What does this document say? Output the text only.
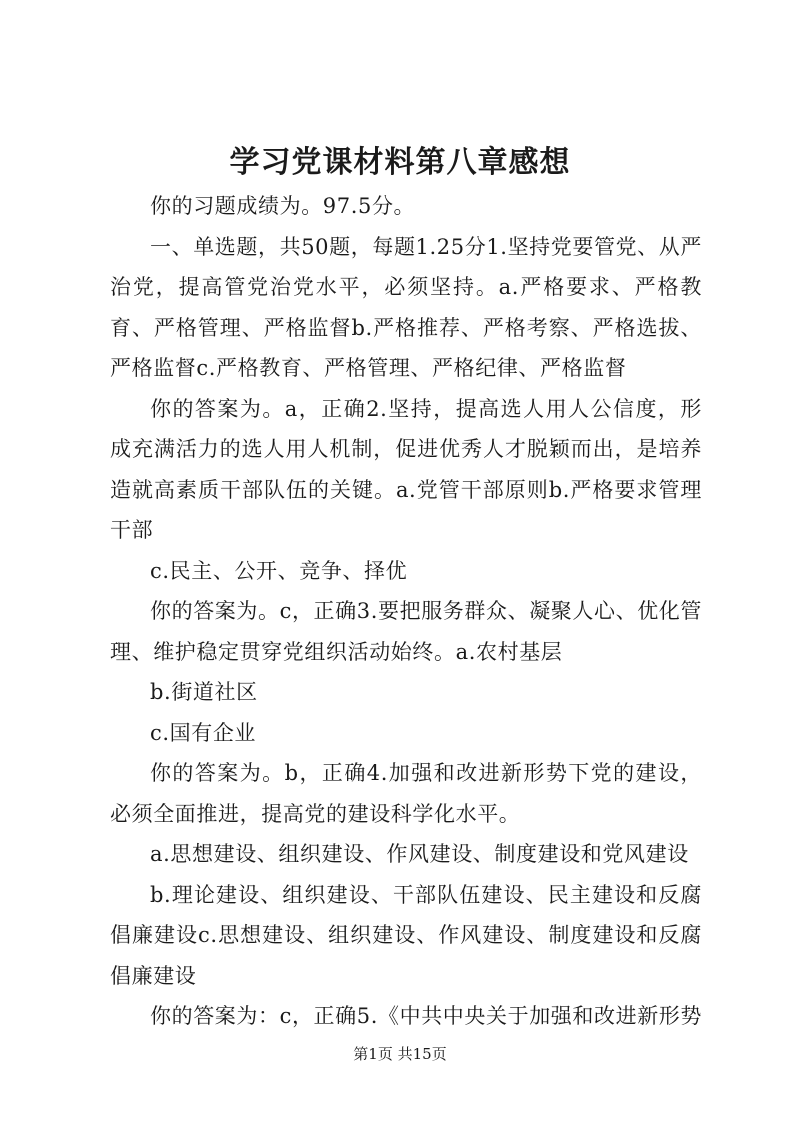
学习党课材料第八章感想

你的习题成绩为。97.5分。

一、单选题，共50题，每题1.25分1.坚持党要管党、从严治党，提高管党治党水平，必须坚持。a.严格要求、严格教育、严格管理、严格监督b.严格推荐、严格考察、严格选拔、严格监督c.严格教育、严格管理、严格纪律、严格监督

你的答案为。a，正确2.坚持，提高选人用人公信度，形成充满活力的选人用人机制，促进优秀人才脱颖而出，是培养造就高素质干部队伍的关键。a.党管干部原则b.严格要求管理干部

c.民主、公开、竞争、择优

你的答案为。c，正确3.要把服务群众、凝聚人心、优化管理、维护稳定贯穿党组织活动始终。a.农村基层

b.街道社区

c.国有企业

你的答案为。b，正确4.加强和改进新形势下党的建设，必须全面推进，提高党的建设科学化水平。

a.思想建设、组织建设、作风建设、制度建设和党风建设

b.理论建设、组织建设、干部队伍建设、民主建设和反腐倡廉建设c.思想建设、组织建设、作风建设、制度建设和反腐倡廉建设

你的答案为：c，正确5.《中共中央关于加强和改进新形势

第1页 共15页
